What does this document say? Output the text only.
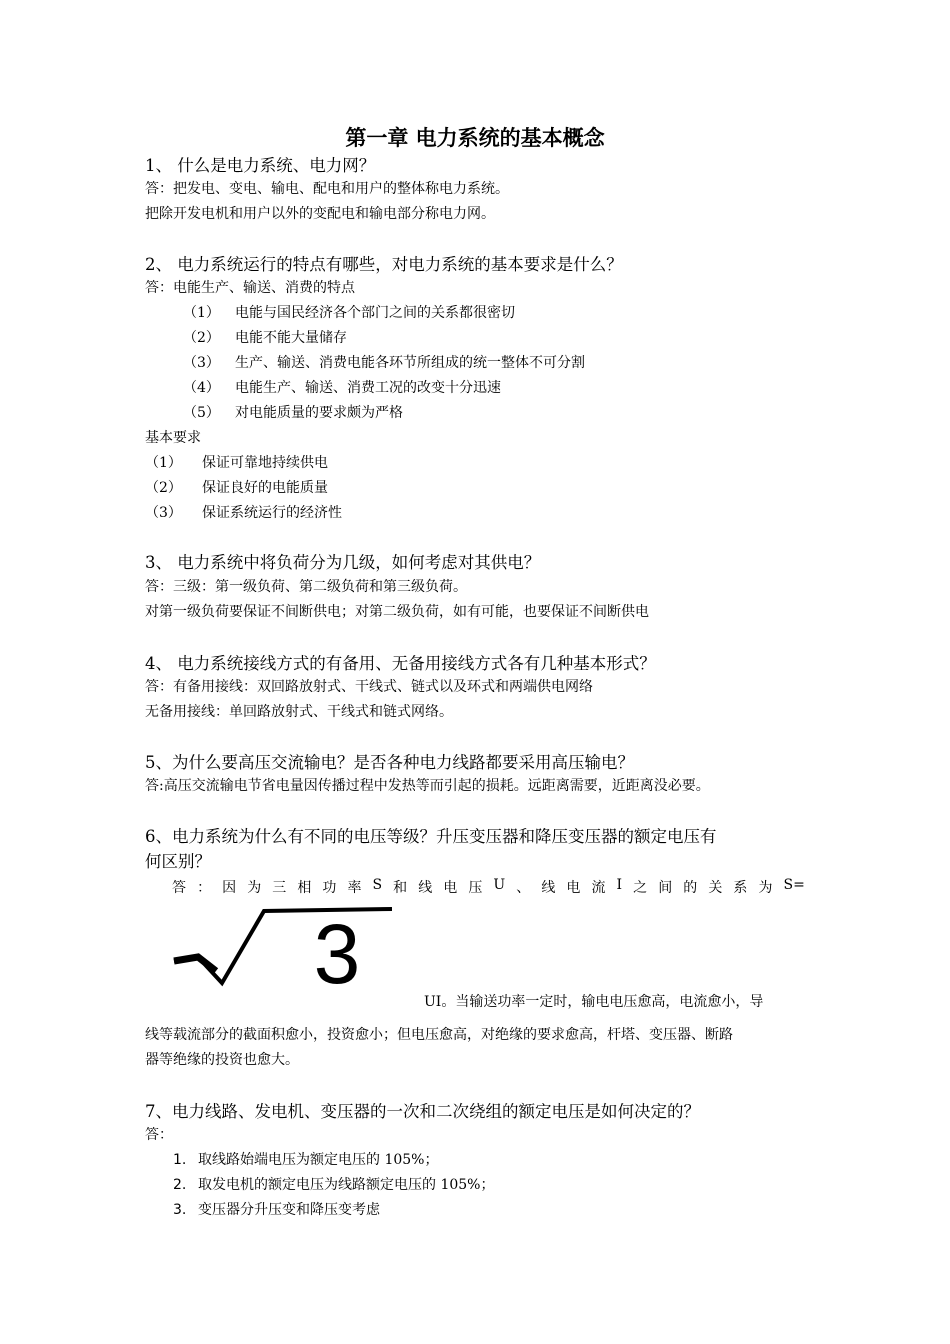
第一章 电力系统的基本概念
1、 什么是电力系统、电力网？
答：把发电、变电、输电、配电和用户的整体称电力系统。
把除开发电机和用户以外的变配电和输电部分称电力网。
2、 电力系统运行的特点有哪些，对电力系统的基本要求是什么？
答：电能生产、输送、消费的特点
（1） 电能与国民经济各个部门之间的关系都很密切
（2） 电能不能大量储存
（3） 生产、输送、消费电能各环节所组成的统一整体不可分割
（4） 电能生产、输送、消费工况的改变十分迅速
（5） 对电能质量的要求颇为严格
基本要求
（1） 保证可靠地持续供电
（2） 保证良好的电能质量
（3） 保证系统运行的经济性
3、 电力系统中将负荷分为几级，如何考虑对其供电？
答：三级：第一级负荷、第二级负荷和第三级负荷。
对第一级负荷要保证不间断供电；对第二级负荷，如有可能，也要保证不间断供电
4、 电力系统接线方式的有备用、无备用接线方式各有几种基本形式？
答：有备用接线：双回路放射式、干线式、链式以及环式和两端供电网络
无备用接线：单回路放射式、干线式和链式网络。
5、为什么要高压交流输电？是否各种电力线路都要采用高压输电？
答:高压交流输电节省电量因传播过程中发热等而引起的损耗。远距离需要，近距离没必要。
6、电力系统为什么有不同的电压等级？升压变压器和降压变压器的额定电压有
何区别？
答 ： 因 为 三 相 功 率 S 和 线 电 压 U 、 线 电 流 I 之 间 的 关 系 为 S=
3
UI。当输送功率一定时，输电电压愈高，电流愈小，导
线等载流部分的截面积愈小，投资愈小；但电压愈高，对绝缘的要求愈高，杆塔、变压器、断路
器等绝缘的投资也愈大。
7、电力线路、发电机、变压器的一次和二次绕组的额定电压是如何决定的？
答：
1. 取线路始端电压为额定电压的 105%；
2. 取发电机的额定电压为线路额定电压的 105%；
3. 变压器分升压变和降压变考虑
